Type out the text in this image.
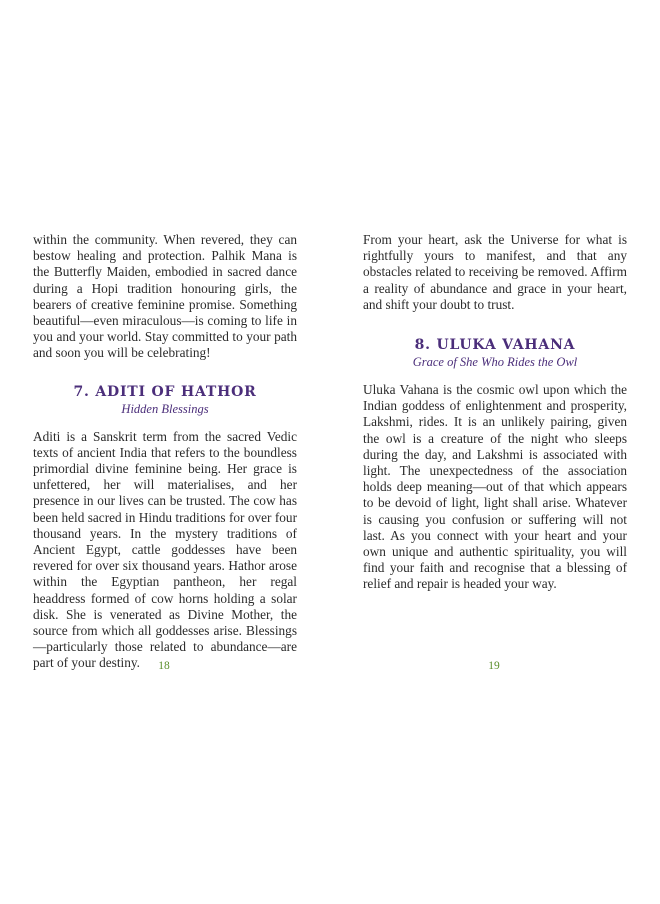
within the community. When revered, they can bestow healing and protection. Palhik Mana is the Butterfly Maiden, embodied in sacred dance during a Hopi tradition honouring girls, the bearers of creative feminine promise. Something beautiful—even miraculous—is coming to life in you and your world. Stay committed to your path and soon you will be celebrating!

7. ADITI OF HATHOR
Hidden Blessings

Aditi is a Sanskrit term from the sacred Vedic texts of ancient India that refers to the boundless primordial divine feminine being. Her grace is unfettered, her will materialises, and her presence in our lives can be trusted. The cow has been held sacred in Hindu traditions for over four thousand years. In the mystery traditions of Ancient Egypt, cattle goddesses have been revered for over six thousand years. Hathor arose within the Egyptian pantheon, her regal headdress formed of cow horns holding a solar disk. She is venerated as Divine Mother, the source from which all goddesses arise. Blessings—particularly those related to abundance—are part of your destiny.

From your heart, ask the Universe for what is rightfully yours to manifest, and that any obstacles related to receiving be removed. Affirm a reality of abundance and grace in your heart, and shift your doubt to trust.

8. ULUKA VAHANA
Grace of She Who Rides the Owl

Uluka Vahana is the cosmic owl upon which the Indian goddess of enlightenment and prosperity, Lakshmi, rides. It is an unlikely pairing, given the owl is a creature of the night who sleeps during the day, and Lakshmi is associated with light. The unexpectedness of the association holds deep meaning—out of that which appears to be devoid of light, light shall arise. Whatever is causing you confusion or suffering will not last. As you connect with your heart and your own unique and authentic spirituality, you will find your faith and recognise that a blessing of relief and repair is headed your way.

18	19
